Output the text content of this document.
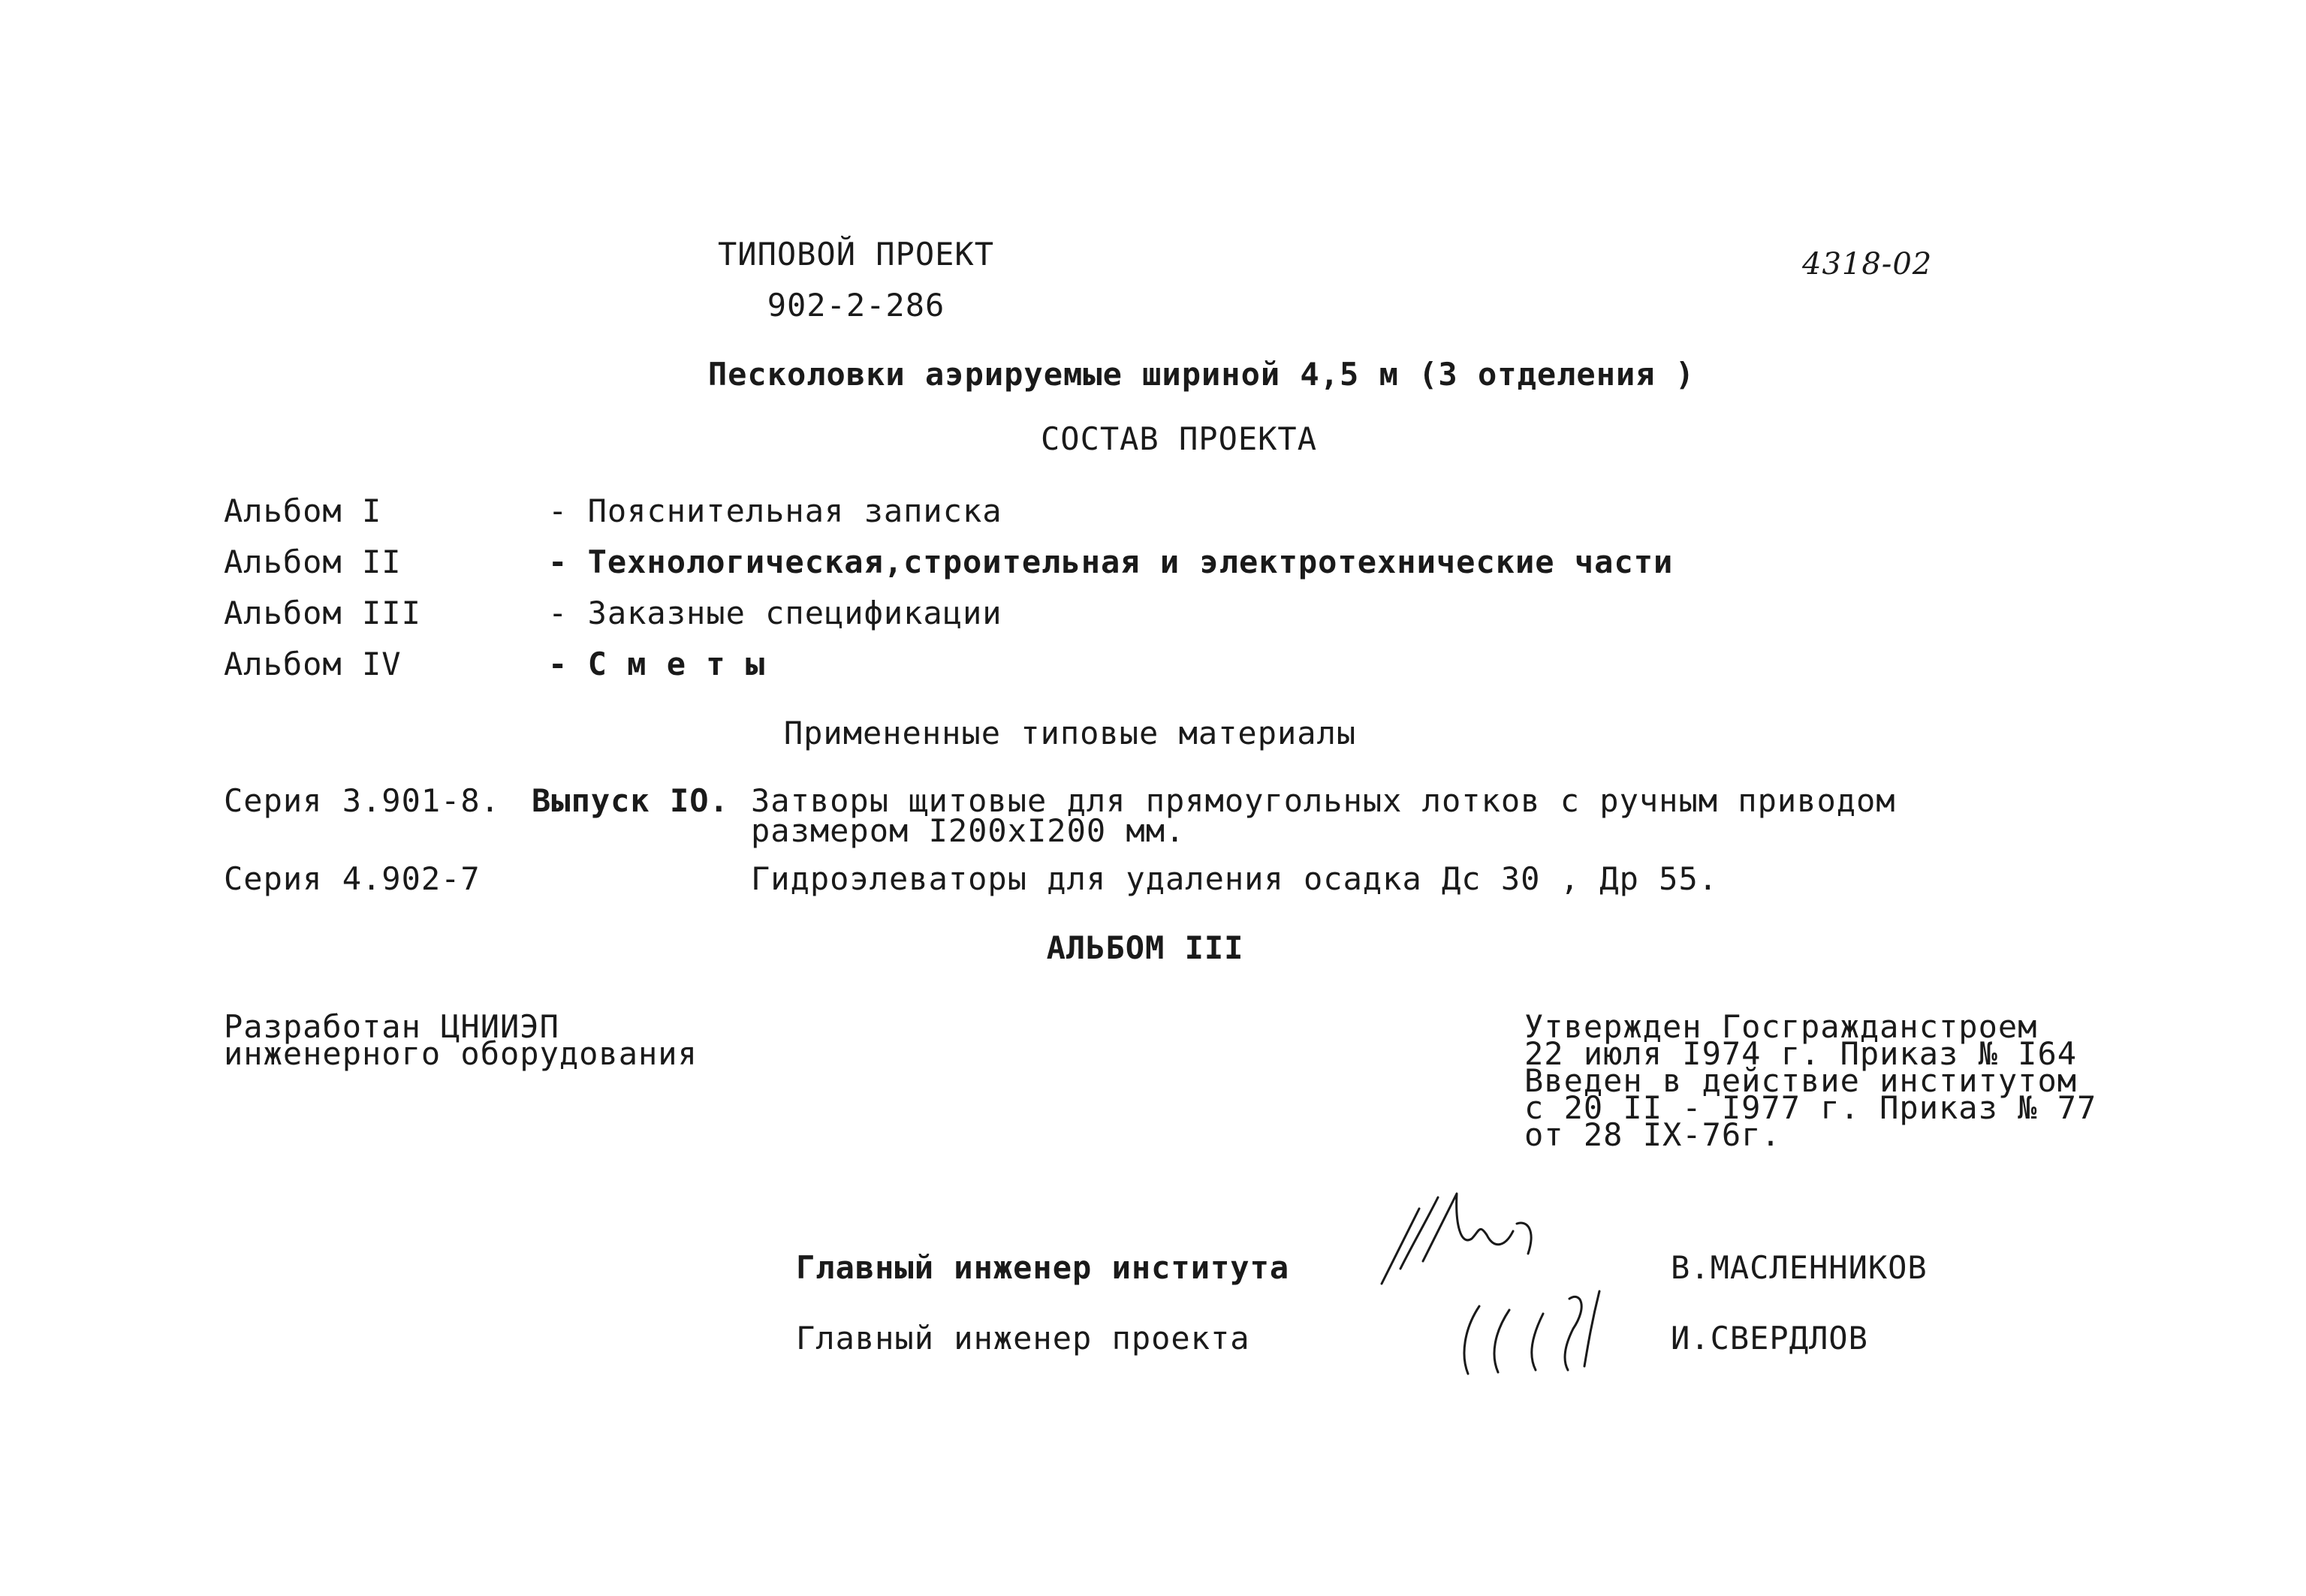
ТИПОВОЙ ПРОЕКТ
902-2-286
4318-02
Песколовки аэрируемые шириной 4,5 м (3 отделения )
СОСТАВ ПРОЕКТА
Альбом I	- Пояснительная записка
Альбом II	- Технологическая,строительная и электротехнические части
Альбом III	- Заказные спецификации
Альбом IV	- С м е т ы
Примененные типовые материалы
Серия 3.901-8. Выпуск IO. Затворы щитовые для прямоугольных лотков с ручным приводом
размером I200xI200 мм.
Серия 4.902-7	Гидроэлеваторы для удаления осадка Дс 30 , Др 55.
АЛЬБОМ III
Разработан ЦНИИЭП
инженерного оборудования
Утвержден Госгражданстроем
22 июля I974 г. Приказ № I64
Введен в действие институтом
с 20 II - I977 г. Приказ № 77
от 28 IX-76г.
Главный инженер института	В.МАСЛЕННИКОВ
Главный инженер проекта	И.СВЕРДЛОВ
